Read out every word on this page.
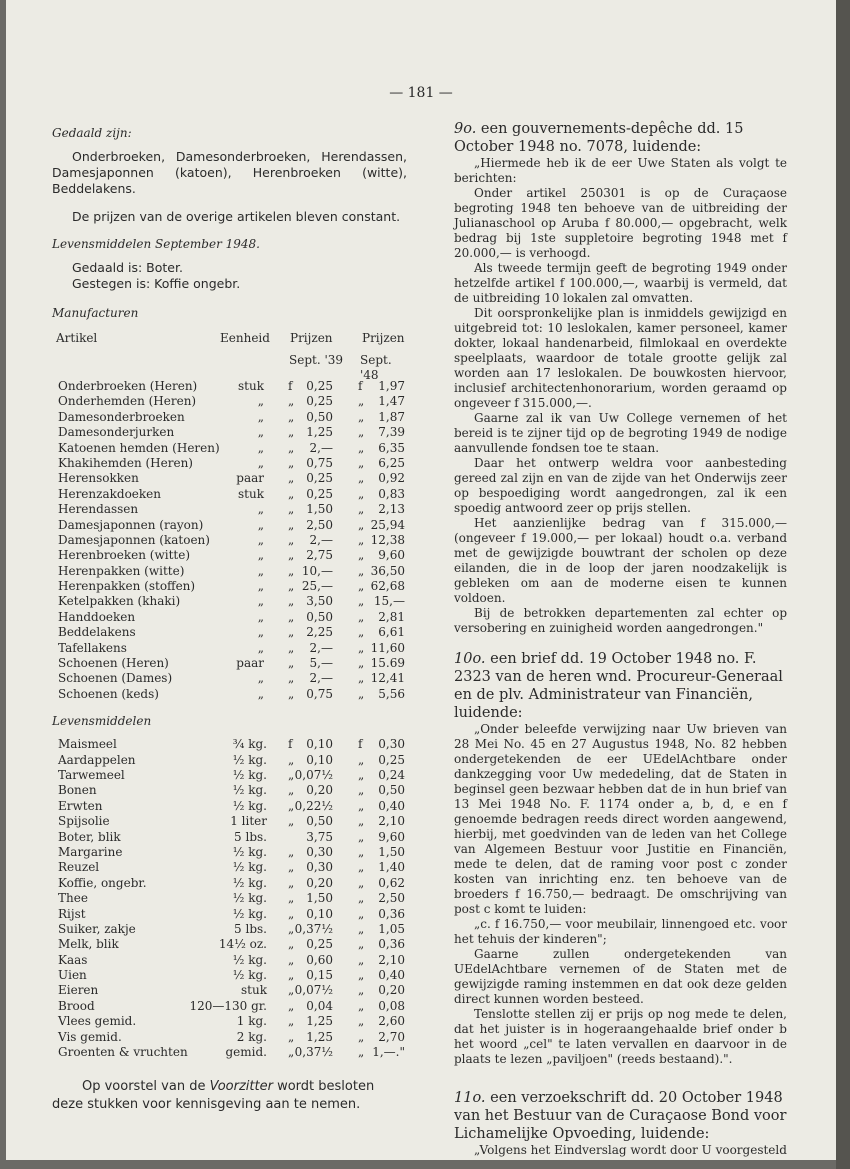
— 181 —

Gedaald zijn:

Onderbroeken, Damesonderbroeken, Herendassen, Damesjaponnen (katoen), Herenbroeken (witte), Beddelakens.

De prijzen van de overige artikelen bleven constant.

Levensmiddelen September 1948.

Gedaald is: Boter.

Gestegen is: Koffie ongebr.

Manufacturen

Artikel	Eenheid Prijzen Prijzen
Sept. '39 Sept. '48
Onderbroeken (Heren)	stuk f 0,25 f 1,97
Onderhemden (Heren)	„ „ 0,25 „ 1,47
Damesonderbroeken	„ „ 0,50 „ 1,87
Damesonderjurken	„ „ 1,25 „ 7,39
Katoenen hemden (Heren)	„ „ 2,— „ 6,35
Khakihemden (Heren)	„ „ 0,75 „ 6,25
Herensokken	paar „ 0,25 „ 0,92
Herenzakdoeken	stuk „ 0,25 „ 0,83
Herendassen	„ „ 1,50 „ 2,13
Damesjaponnen (rayon)	„ „ 2,50 „ 25,94
Damesjaponnen (katoen)	„ „ 2,— „ 12,38
Herenbroeken (witte)	„ „ 2,75 „ 9,60
Herenpakken (witte)	„ „ 10,— „ 36,50
Herenpakken (stoffen)	„ „ 25,— „ 62,68
Ketelpakken (khaki)	„ „ 3,50 „ 15,—
Handdoeken	„ „ 0,50 „ 2,81
Beddelakens	„ „ 2,25 „ 6,61
Tafellakens	„ „ 2,— „ 11,60
Schoenen (Heren)	paar „ 5,— „ 15.69
Schoenen (Dames)	„ „ 2,— „ 12,41
Schoenen (keds)	„ „ 0,75 „ 5,56

Levensmiddelen

Maismeel	¾ kg. f 0,10 f 0,30
Aardappelen	½ kg. „ 0,10 „ 0,25
Tarwemeel	½ kg. „ 0,07½ „ 0,24
Bonen	½ kg. „ 0,20 „ 0,50
Erwten	½ kg. „ 0,22½ „ 0,40
Spijsolie	1 liter „ 0,50 „ 2,10
Boter, blik	5 lbs.	3,75 „ 9,60
Margarine	½ kg. „ 0,30 „ 1,50
Reuzel	½ kg. „ 0,30 „ 1,40
Koffie, ongebr.	½ kg. „ 0,20 „ 0,62
Thee	½ kg. „ 1,50 „ 2,50
Rijst	½ kg. „ 0,10 „ 0,36
Suiker, zakje	5 lbs. „ 0,37½ „ 1,05
Melk, blik	14½ oz. „ 0,25 „ 0,36
Kaas	½ kg. „ 0,60 „ 2,10
Uien	½ kg. „ 0,15 „ 0,40
Eieren	stuk „ 0,07½ „ 0,20
Brood	120—130 gr. „ 0,04 „ 0,08
Vlees gemid.	1 kg. „ 1,25 „ 2,60
Vis gemid.	2 kg. „ 1,25 „ 2,70
Groenten & vruchten	gemid. „ 0,37½ „ 1,—."

Op voorstel van de Voorzitter wordt besloten deze stukken voor kennisgeving aan te nemen.

9o. een gouvernements-depêche dd. 15 October 1948 no. 7078, luidende:

„Hiermede heb ik de eer Uwe Staten als volgt te berichten:

Onder artikel 250301 is op de Curaçaose begroting 1948 ten behoeve van de uitbreiding der Julianaschool op Aruba f 80.000,— opgebracht, welk bedrag bij 1ste suppletoire begroting 1948 met f 20.000,— is verhoogd.

Als tweede termijn geeft de begroting 1949 onder hetzelfde artikel f 100.000,—, waarbij is vermeld, dat de uitbreiding 10 lokalen zal omvatten.

Dit oorspronkelijke plan is inmiddels gewijzigd en uitgebreid tot: 10 leslokalen, kamer personeel, kamer dokter, lokaal handenarbeid, filmlokaal en overdekte speelplaats, waardoor de totale grootte gelijk zal worden aan 17 leslokalen. De bouwkosten hiervoor, inclusief architectenhonorarium, worden geraamd op ongeveer f 315.000,—.

Gaarne zal ik van Uw College vernemen of het bereid is te zijner tijd op de begroting 1949 de nodige aanvullende fondsen toe te staan.

Daar het ontwerp weldra voor aanbesteding gereed zal zijn en van de zijde van het Onderwijs zeer op bespoediging wordt aangedrongen, zal ik een spoedig antwoord zeer op prijs stellen.

Het aanzienlijke bedrag van f 315.000,— (ongeveer f 19.000,— per lokaal) houdt o.a. verband met de gewijzigde bouwtrant der scholen op deze eilanden, die in de loop der jaren noodzakelijk is gebleken om aan de moderne eisen te kunnen voldoen.

Bij de betrokken departementen zal echter op versobering en zuinigheid worden aangedrongen."

10o. een brief dd. 19 October 1948 no. F. 2323 van de heren wnd. Procureur-Generaal en de plv. Administrateur van Financiën, luidende:

„Onder beleefde verwijzing naar Uw brieven van 28 Mei No. 45 en 27 Augustus 1948, No. 82 hebben ondergetekenden de eer UEdelAchtbare onder dankzegging voor Uw mededeling, dat de Staten in beginsel geen bezwaar hebben dat de in hun brief van 13 Mei 1948 No. F. 1174 onder a, b, d, e en f genoemde bedragen reeds direct worden aangewend, hierbij, met goedvinden van de leden van het College van Algemeen Bestuur voor Justitie en Financiën, mede te delen, dat de raming voor post c zonder kosten van inrichting enz. ten behoeve van de broeders f 16.750,— bedraagt. De omschrijving van post c komt te luiden:

„c. f 16.750,— voor meubilair, linnengoed etc. voor het tehuis der kinderen";

Gaarne zullen ondergetekenden van UEdelAchtbare vernemen of de Staten met de gewijzigde raming instemmen en dat ook deze gelden direct kunnen worden besteed.

Tenslotte stellen zij er prijs op nog mede te delen, dat het juister is in hogeraangehaalde brief onder b het woord „cel" te laten vervallen en daarvoor in de plaats te lezen „paviljoen" (reeds bestaand).".

11o. een verzoekschrift dd. 20 October 1948 van het Bestuur van de Curaçaose Bond voor Lichamelijke Opvoeding, luidende:

„Volgens het Eindverslag wordt door U voorgesteld
